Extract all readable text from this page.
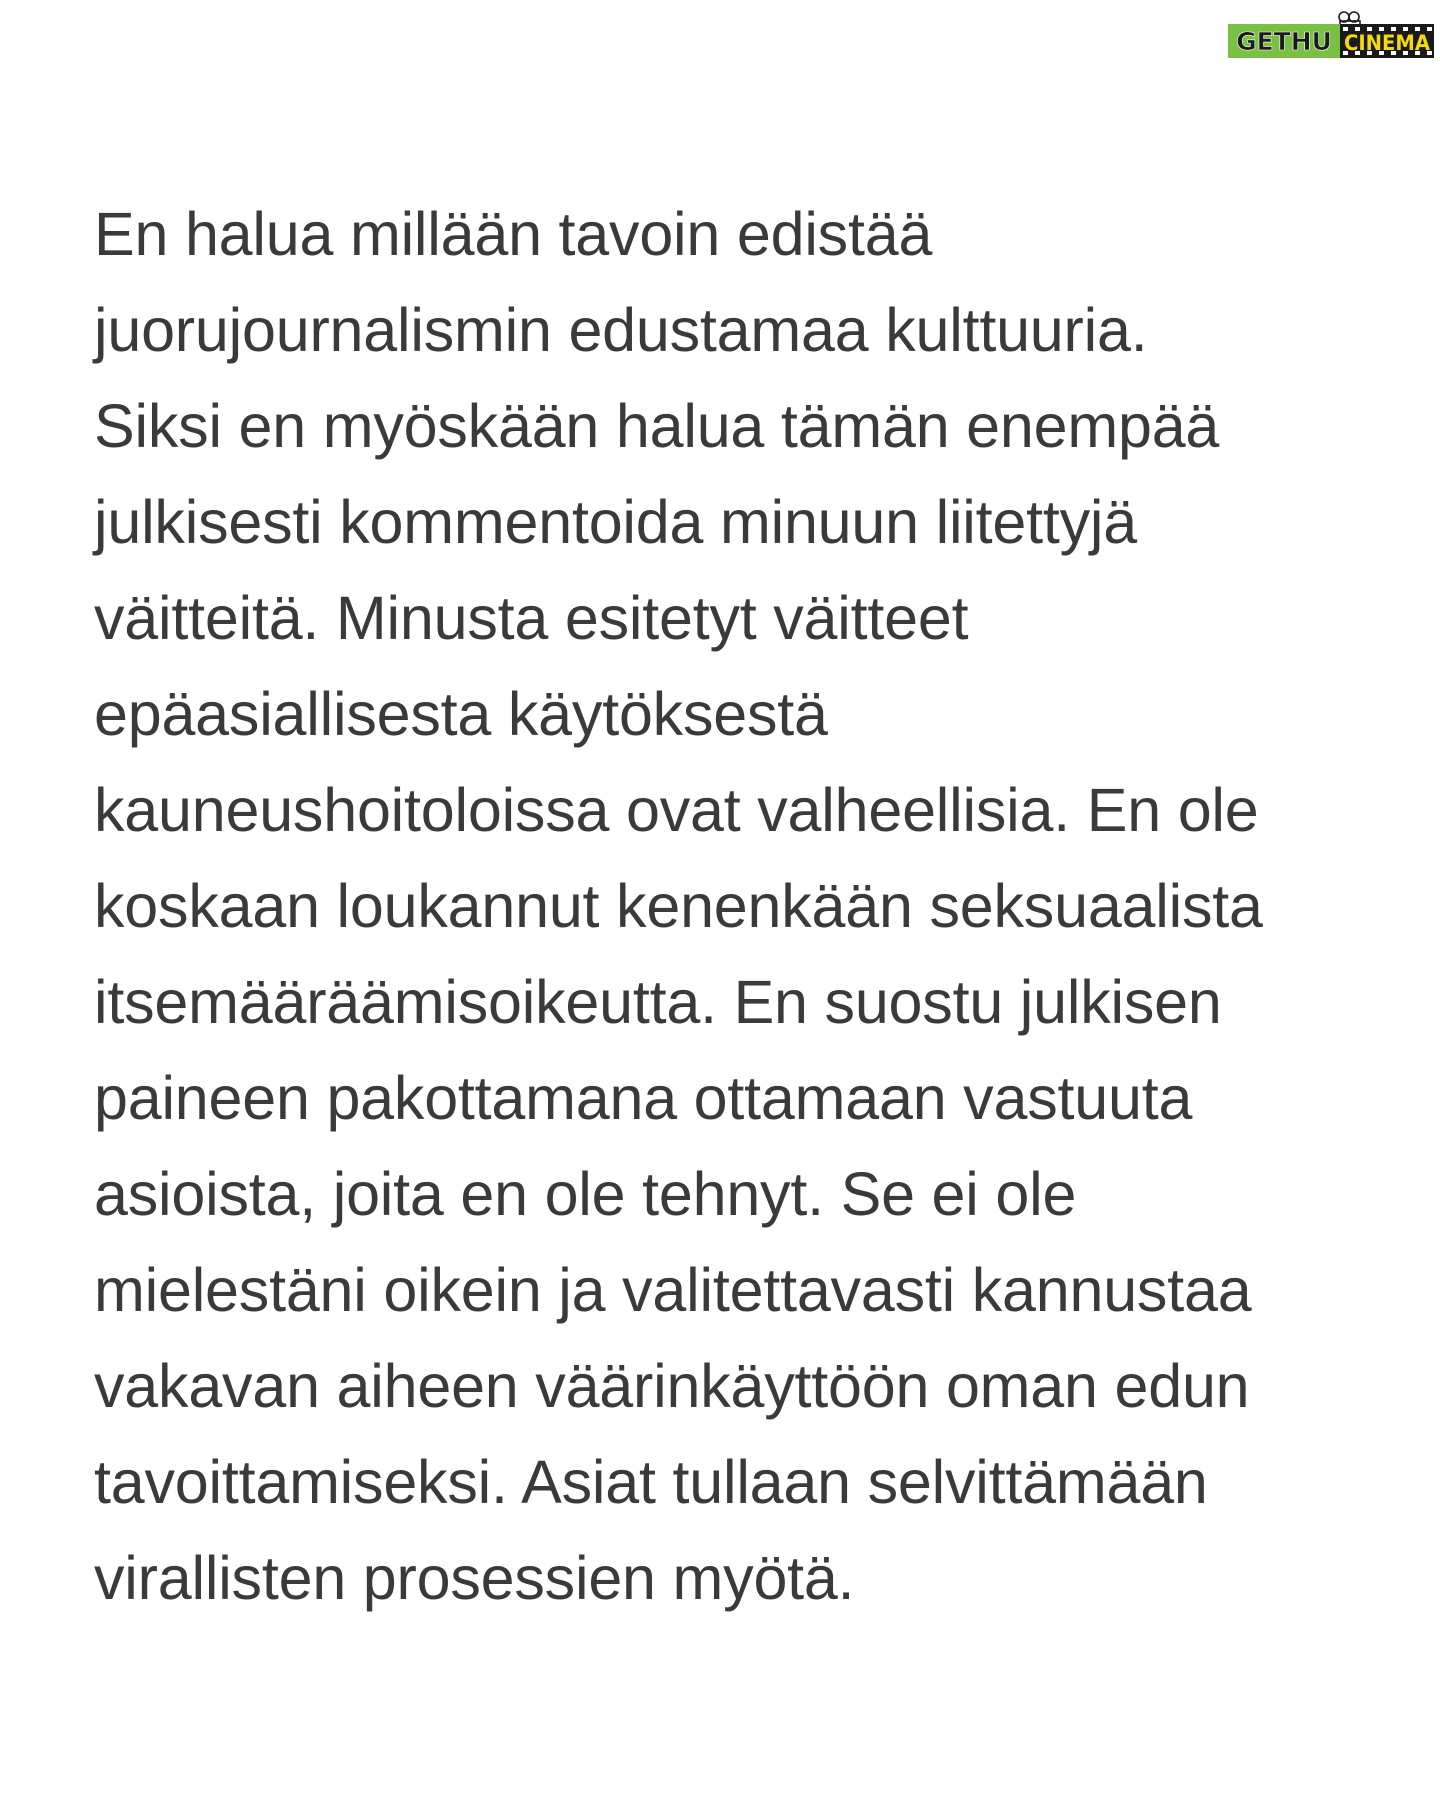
GETHU CINEMA
En halua millään tavoin edistää
juorujournalismin edustamaa kulttuuria.
Siksi en myöskään halua tämän enempää
julkisesti kommentoida minuun liitettyjä
väitteitä. Minusta esitetyt väitteet
epäasiallisesta käytöksestä
kauneushoitoloissa ovat valheellisia. En ole
koskaan loukannut kenenkään seksuaalista
itsemääräämisoikeutta. En suostu julkisen
paineen pakottamana ottamaan vastuuta
asioista, joita en ole tehnyt. Se ei ole
mielestäni oikein ja valitettavasti kannustaa
vakavan aiheen väärinkäyttöön oman edun
tavoittamiseksi. Asiat tullaan selvittämään
virallisten prosessien myötä.
